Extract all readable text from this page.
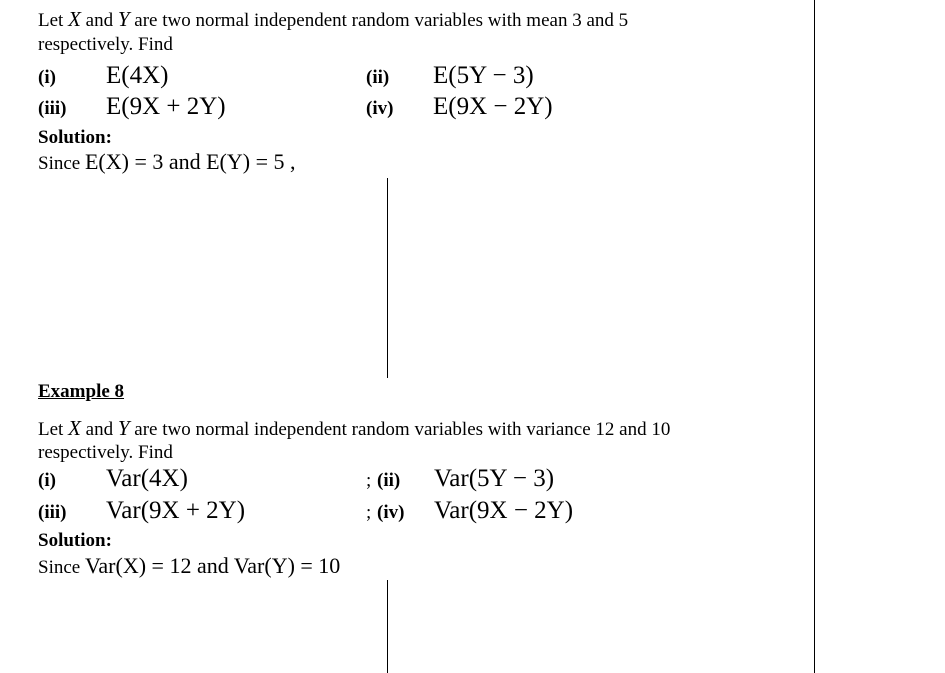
Let X and Y are two normal independent random variables with mean 3 and 5
respectively. Find
(i) E(4X)	(ii) E(5Y − 3)
(iii) E(9X + 2Y)	(iv) E(9X − 2Y)
Solution:
Since E(X) = 3 and E(Y) = 5 ,
Example 8
Let X and Y are two normal independent random variables with variance 12 and 10
respectively. Find
(i) Var(4X)	; (ii) Var(5Y − 3)
(iii) Var(9X + 2Y)	; (iv) Var(9X − 2Y)
Solution:
Since Var(X) = 12 and Var(Y) = 10
